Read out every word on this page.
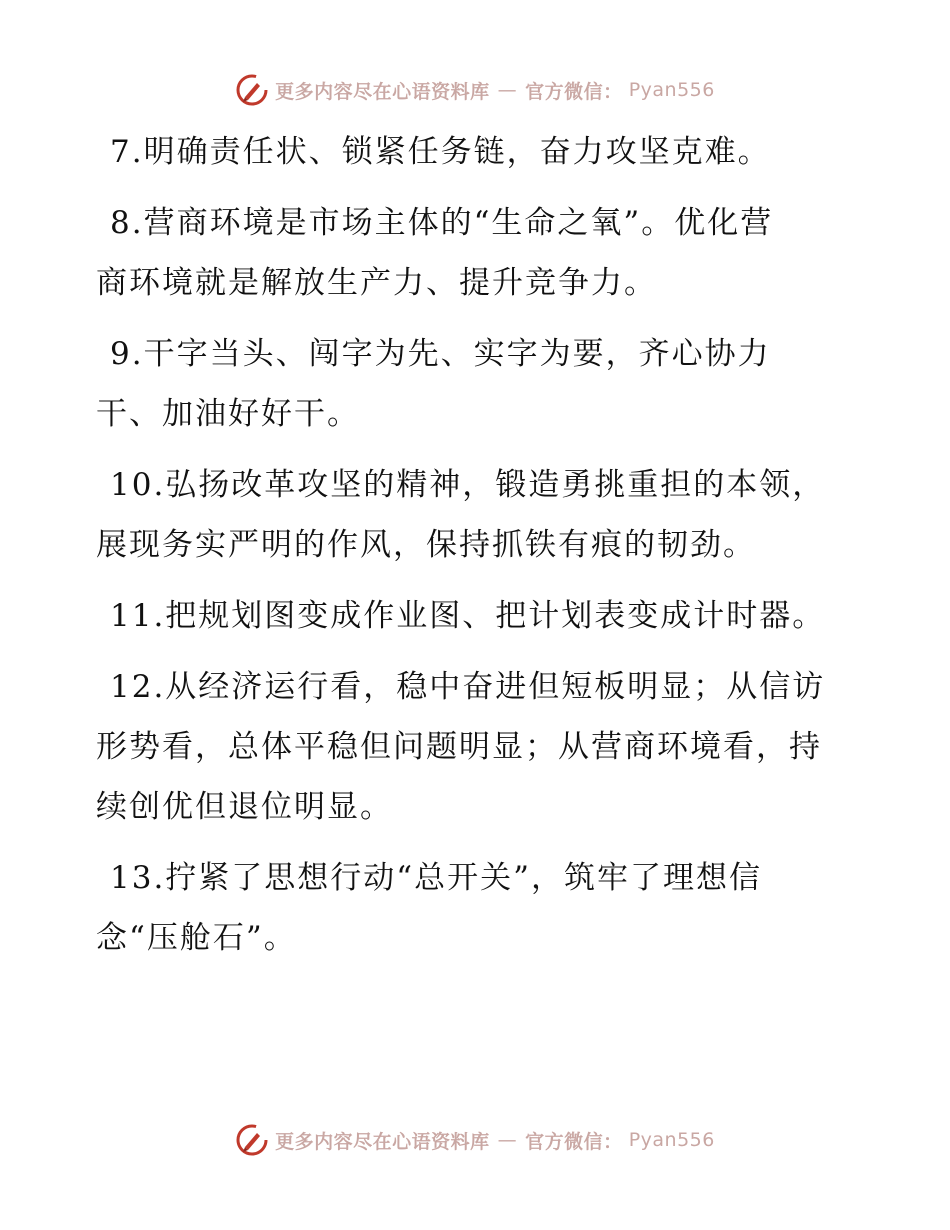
更多内容尽在心语资料库 — 官方微信： Pyan556

7.明确责任状、锁紧任务链，奋力攻坚克难。

8.营商环境是市场主体的“生命之氧”。优化营
商环境就是解放生产力、提升竞争力。

9.干字当头、闯字为先、实字为要，齐心协力
干、加油好好干。

10.弘扬改革攻坚的精神，锻造勇挑重担的本领，
展现务实严明的作风，保持抓铁有痕的韧劲。

11.把规划图变成作业图、把计划表变成计时器。

12.从经济运行看，稳中奋进但短板明显；从信访
形势看，总体平稳但问题明显；从营商环境看，持
续创优但退位明显。

13.拧紧了思想行动“总开关”，筑牢了理想信
念“压舱石”。

更多内容尽在心语资料库 — 官方微信： Pyan556
